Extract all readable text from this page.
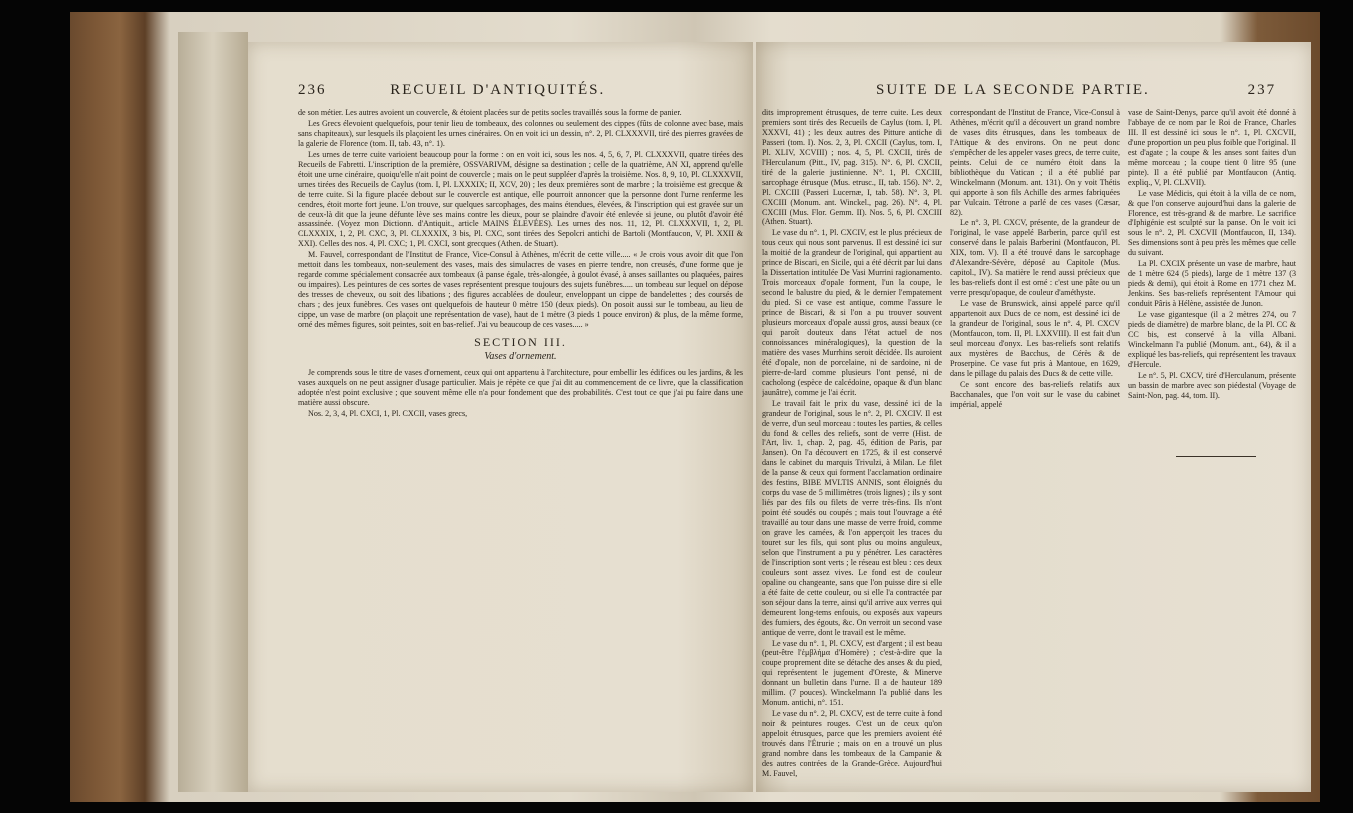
236	RECUEIL D'ANTIQUITÉS.

de son métier. Les autres avoient un couvercle, & étoient placées sur de petits socles travaillés sous la forme de panier.

Les Grecs élevoient quelquefois, pour tenir lieu de tombeaux, des colonnes ou seulement des cippes (fûts de colonne avec base, mais sans chapiteaux), sur lesquels ils plaçoient les urnes cinéraires. On en voit ici un dessin, n°. 2, Pl. CLXXXVII, tiré des pierres gravées de la galerie de Florence (tom. II, tab. 43, n°. 1).

Les urnes de terre cuite varioient beaucoup pour la forme : on en voit ici, sous les nos. 4, 5, 6, 7, Pl. CLXXXVII, quatre tirées des Recueils de Fabretti. L'inscription de la première, OSSVARIVM, désigne sa destination ; celle de la quatrième, AN XI, apprend qu'elle étoit une urne cinéraire, quoiqu'elle n'ait point de couvercle ; mais on le peut suppléer d'après la troisième. Nos. 8, 9, 10, Pl. CLXXXVII, urnes tirées des Recueils de Caylus (tom. I, Pl. LXXXIX; II, XCV, 20) ; les deux premières sont de marbre ; la troisième est grecque & de terre cuite. Si la figure placée debout sur le couvercle est antique, elle pourroit annoncer que la personne dont l'urne renferme les cendres, étoit morte fort jeune. L'on trouve, sur quelques sarcophages, des mains étendues, élevées, & l'inscription qui est gravée sur un de ceux-là dit que la jeune défunte lève ses mains contre les dieux, pour se plaindre d'avoir été enlevée si jeune, ou plutôt d'avoir été assassinée. (Voyez mon Dictionn. d'Antiquit., article MAINS ÉLEVÉES). Les urnes des nos. 11, 12, Pl. CLXXXVII, 1, 2, Pl. CLXXXIX, 1, 2, Pl. CXC, 3, Pl. CLXXXIX, 3 bis, Pl. CXC, sont tirées des Sepolcri antichi de Bartoli (Montfaucon, V, Pl. XXII & XXI). Celles des nos. 4, Pl. CXC; 1, Pl. CXCI, sont grecques (Athen. de Stuart).

M. Fauvel, correspondant de l'Institut de France, Vice-Consul à Athènes, m'écrit de cette ville..... « Je crois vous avoir dit que l'on mettoit dans les tombeaux, non-seulement des vases, mais des simulacres de vases en pierre tendre, non creusés, d'une forme que je regarde comme spécialement consacrée aux tombeaux (à panse égale, très-alongée, à goulot évasé, à anses saillantes ou plaquées, paires ou impaires). Les peintures de ces sortes de vases représentent presque toujours des sujets funèbres..... un tombeau sur lequel on dépose des tresses de cheveux, ou soit des libations ; des figures accablées de douleur, enveloppant un cippe de bandelettes ; des coursés de chars ; des jeux funèbres. Ces vases ont quelquefois de hauteur 0 mètre 150 (deux pieds). On posoit aussi sur le tombeau, au lieu de cippe, un vase de marbre (on plaçoit une représentation de vase), haut de 1 mètre (3 pieds 1 pouce environ) & plus, de la même forme, orné des mêmes figures, soit peintes, soit en bas-relief. J'ai vu beaucoup de ces vases..... »

SECTION III.
Vases d'ornement.

Je comprends sous le titre de vases d'ornement, ceux qui ont appartenu à l'architecture, pour embellir les édifices ou les jardins, & les vases auxquels on ne peut assigner d'usage particulier. Mais je répète ce que j'ai dit au commencement de ce livre, que la classification adoptée n'est point exclusive ; que souvent même elle n'a pour fondement que des probabilités. C'est tout ce que j'ai pu faire dans une matière aussi obscure.

Nos. 2, 3, 4, Pl. CXCI, 1, Pl. CXCII, vases grecs,

SUITE DE LA SECONDE PARTIE.	237

dits improprement étrusques, de terre cuite. Les deux premiers sont tirés des Recueils de Caylus (tom. I, Pl. XXXVI, 41) ; les deux autres des Pitture antiche di Passeri (tom. I). Nos. 2, 3, Pl. CXCII (Caylus, tom. I, Pl. XLIV, XCVIII) ; nos. 4, 5, Pl. CXCII, tirés de l'Herculanum (Pitt., IV, pag. 315). N°. 6, Pl. CXCII, tiré de la galerie justinienne. N°. 1, Pl. CXCIII, sarcophage étrusque (Mus. etrusc., II, tab. 156). N°. 2, Pl. CXCIII (Passeri Lucernæ, I, tab. 58). N°. 3, Pl. CXCIII (Monum. ant. Winckel., pag. 26). N°. 4, Pl. CXCIII (Mus. Flor. Gemm. II). Nos. 5, 6, Pl. CXCIII (Athen. Stuart).

Le vase du n°. 1, Pl. CXCIV, est le plus précieux de tous ceux qui nous sont parvenus. Il est dessiné ici sur la moitié de la grandeur de l'original, qui appartient au prince de Biscari, en Sicile, qui a été décrit par lui dans la Dissertation intitulée De Vasi Murrini ragionamento. Trois morceaux d'opale forment, l'un la coupe, le second le balustre du pied, & le dernier l'empatement du pied. Si ce vase est antique, comme l'assure le prince de Biscari, & si l'on a pu trouver souvent plusieurs morceaux d'opale aussi gros, aussi beaux (ce qui paroît douteux dans l'état actuel de nos connoissances minéralogiques), la question de la matière des vases Murrhins seroit décidée. Ils auroient été d'opale, non de porcelaine, ni de sardoine, ni de pierre-de-lard comme plusieurs l'ont pensé, ni de cacholong (espèce de calcédoine, opaque & d'un blanc jaunâtre), comme je l'ai écrit.

Le travail fait le prix du vase, dessiné ici de la grandeur de l'original, sous le n°. 2, Pl. CXCIV. Il est de verre, d'un seul morceau : toutes les parties, & celles du fond & celles des reliefs, sont de verre (Hist. de l'Art, liv. 1, chap. 2, pag. 45, édition de Paris, par Jansen). On l'a découvert en 1725, & il est conservé dans le cabinet du marquis Trivulzi, à Milan. Le filet de la panse & ceux qui forment l'acclamation ordinaire des festins, BIBE MVLTIS ANNIS, sont éloignés du corps du vase de 5 millimètres (trois lignes) ; ils y sont liés par des fils ou filets de verre très-fins. Ils n'ont point été soudés ou coupés ; mais tout l'ouvrage a été travaillé au tour dans une masse de verre froid, comme on grave les camées, & l'on apperçoit les traces du touret sur les fils, qui sont plus ou moins anguleux, selon que l'instrument a pu y pénétrer. Les caractères de l'inscription sont verts ; le réseau est bleu : ces deux couleurs sont assez vives. Le fond est de couleur opaline ou changeante, sans que l'on puisse dire si elle a été faite de cette couleur, ou si elle l'a contractée par son séjour dans la terre, ainsi qu'il arrive aux verres qui demeurent long-tems enfouis, ou exposés aux vapeurs des fumiers, des égouts, &c. On verroit un second vase antique de verre, dont le travail est le même.

Le vase du n°. 1, Pl. CXCV, est d'argent ; il est beau (peut-être l'ἐμβλήμα d'Homère) ; c'est-à-dire que la coupe proprement dite se détache des anses & du pied, qui représentent le jugement d'Oreste, & Minerve donnant un bulletin dans l'urne. Il a de hauteur 189 millim. (7 pouces). Winckelmann l'a publié dans les Monum. antichi, n°. 151.

Le vase du n°. 2, Pl. CXCV, est de terre cuite à fond noir & peintures rouges. C'est un de ceux qu'on appeloit étrusques, parce que les premiers avoient été trouvés dans l'Étrurie ; mais on en a trouvé un plus grand nombre dans les tombeaux de la Campanie & des autres contrées de la Grande-Grèce. Aujourd'hui M. Fauvel,

correspondant de l'Institut de France, Vice-Consul à Athènes, m'écrit qu'il a découvert un grand nombre de vases dits étrusques, dans les tombeaux de l'Attique & des environs. On ne peut donc s'empêcher de les appeler vases grecs, de terre cuite, peints. Celui de ce numéro étoit dans la bibliothèque du Vatican ; il a été publié par Winckelmann (Monum. ant. 131). On y voit Thétis qui apporte à son fils Achille des armes fabriquées par Vulcain. Tétrone a parlé de ces vases (Cæsar, 82).

Le n°. 3, Pl. CXCV, présente, de la grandeur de l'original, le vase appelé Barberin, parce qu'il est conservé dans le palais Barberini (Montfaucon, Pl. XIX, tom. V). Il a été trouvé dans le sarcophage d'Alexandre-Sévère, déposé au Capitole (Mus. capitol., IV). Sa matière le rend aussi précieux que les bas-reliefs dont il est orné : c'est une pâte ou un verre presqu'opaque, de couleur d'améthyste.

Le vase de Brunswick, ainsi appelé parce qu'il appartenoit aux Ducs de ce nom, est dessiné ici de la grandeur de l'original, sous le n°. 4, Pl. CXCV (Montfaucon, tom. II, Pl. LXXVIII). Il est fait d'un seul morceau d'onyx. Les bas-reliefs sont relatifs aux mystères de Bacchus, de Cérès & de Proserpine. Ce vase fut pris à Mantoue, en 1629, dans le pillage du palais des Ducs & de cette ville.

Ce sont encore des bas-reliefs relatifs aux Bacchanales, que l'on voit sur le vase du cabinet impérial, appelé

vase de Saint-Denys, parce qu'il avoit été donné à l'abbaye de ce nom par le Roi de France, Charles III. Il est dessiné ici sous le n°. 1, Pl. CXCVII, d'une proportion un peu plus foible que l'original. Il est d'agate ; la coupe & les anses sont faites d'un même morceau ; la coupe tient 0 litre 95 (une pinte). Il a été publié par Montfaucon (Antiq. expliq., V, Pl. CLXVII).

Le vase Médicis, qui étoit à la villa de ce nom, & que l'on conserve aujourd'hui dans la galerie de Florence, est très-grand & de marbre. Le sacrifice d'Iphigénie est sculpté sur la panse. On le voit ici sous le n°. 2, Pl. CXCVII (Montfaucon, II, 134). Ses dimensions sont à peu près les mêmes que celle du suivant.

La Pl. CXCIX présente un vase de marbre, haut de 1 mètre 624 (5 pieds), large de 1 mètre 137 (3 pieds & demi), qui étoit à Rome en 1771 chez M. Jenkins. Ses bas-reliefs représentent l'Amour qui conduit Pâris à Hélène, assistée de Junon.

Le vase gigantesque (il a 2 mètres 274, ou 7 pieds de diamètre) de marbre blanc, de la Pl. CC & CC bis, est conservé à la villa Albani. Winckelmann l'a publié (Monum. ant., 64), & il a expliqué les bas-reliefs, qui représentent les travaux d'Hercule.

Le n°. 5, Pl. CXCV, tiré d'Herculanum, présente un bassin de marbre avec son piédestal (Voyage de Saint-Non, pag. 44, tom. II).
